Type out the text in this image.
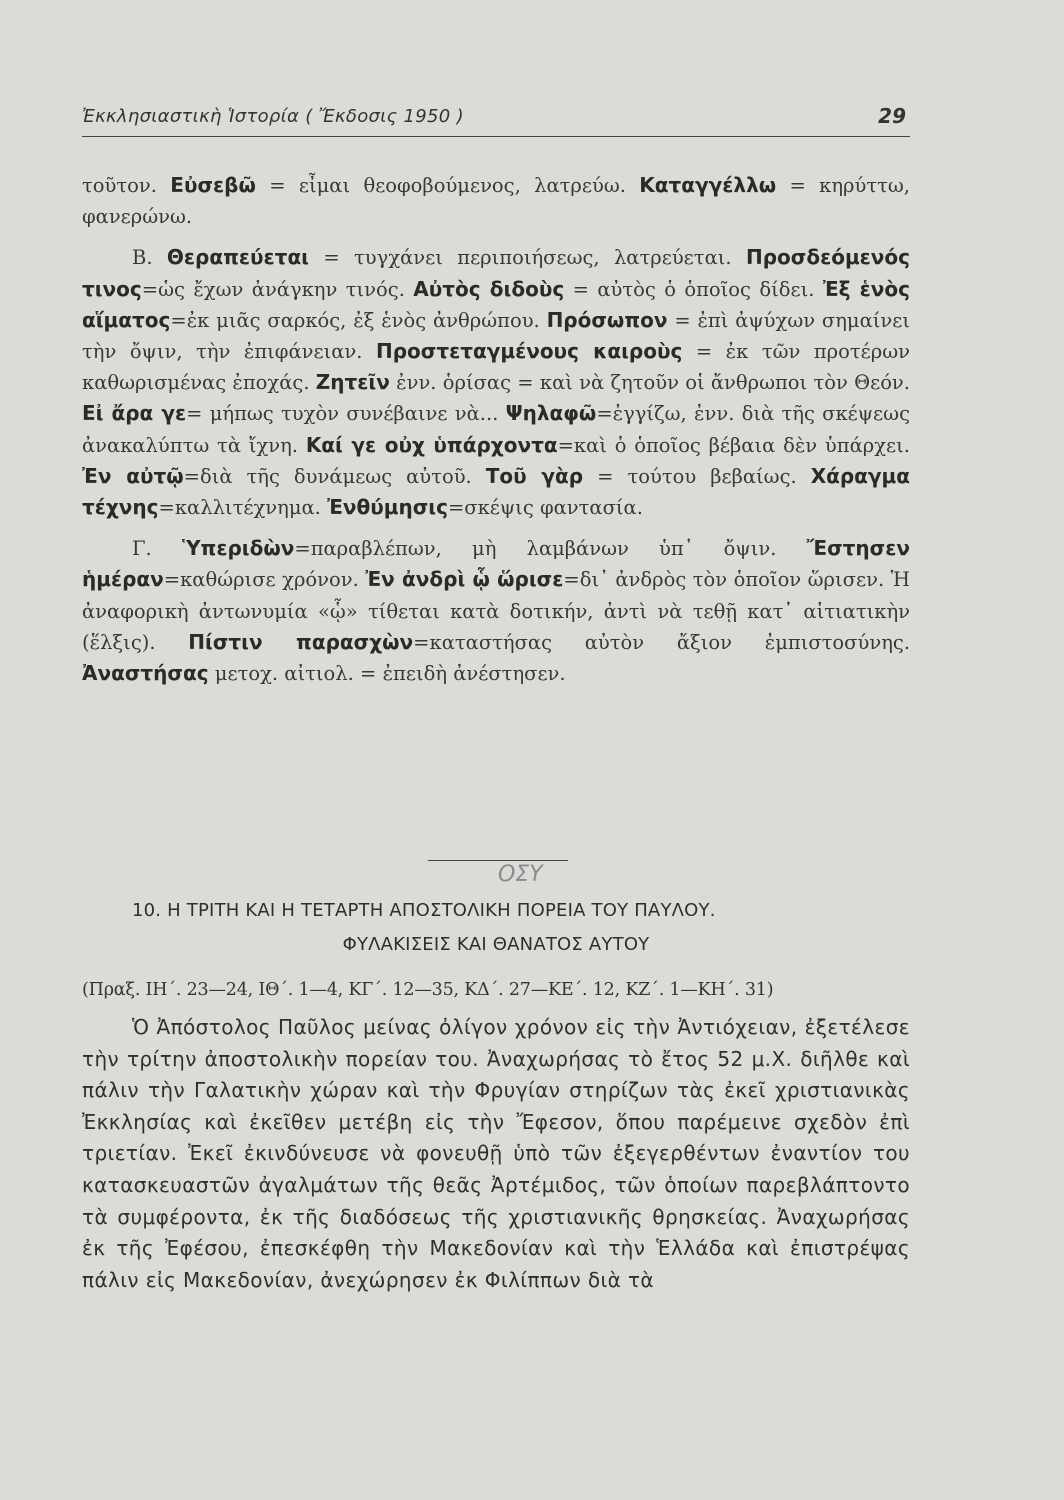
Ἐκκλησιαστικὴ Ἱστορία ( Ἔκδοσις 1950 )	29

τοῦτον. Εὐσεβῶ = εἶμαι θεοφοβούμενος, λατρεύω. Καταγγέλλω = κηρύττω, φανερώνω.

Β. Θεραπεύεται = τυγχάνει περιποιήσεως, λατρεύεται. Προσδεόμενός τινος=ὡς ἔχων ἀνάγκην τινός. Αὐτὸς διδοὺς = αὐτὸς ὁ ὁποῖος δίδει. Ἐξ ἑνὸς αἵματος=ἐκ μιᾶς σαρκός, ἐξ ἑνὸς ἀνθρώπου. Πρόσωπον = ἐπὶ ἀψύχων σημαίνει τὴν ὄψιν, τὴν ἐπιφάνειαν. Προστεταγμένους καιροὺς = ἐκ τῶν προτέρων καθωρισμένας ἐποχάς. Ζητεῖν ἐνν. ὁρίσας = καὶ νὰ ζητοῦν οἱ ἄνθρωποι τὸν Θεόν. Εἰ ἄρα γε= μήπως τυχὸν συνέβαινε νὰ... Ψηλαφῶ=ἐγγίζω, ἐνν. διὰ τῆς σκέψεως ἀνακαλύπτω τὰ ἴχνη. Καί γε οὐχ ὑπάρχοντα=καὶ ὁ ὁποῖος βέβαια δὲν ὑπάρχει. Ἐν αὐτῷ=διὰ τῆς δυνάμεως αὐτοῦ. Τοῦ γὰρ = τούτου βεβαίως. Χάραγμα τέχνης=καλλιτέχνημα. Ἐνθύμησις=σκέψις φαντασία.

Γ. Ὑπεριδὼν=παραβλέπων, μὴ λαμβάνων ὑπ᾽ ὄψιν. Ἔστησεν ἡμέραν=καθώρισε χρόνον. Ἐν ἀνδρὶ ᾧ ὥρισε=δι᾽ ἀνδρὸς τὸν ὁποῖον ὥρισεν. Ἡ ἀναφορικὴ ἀντωνυμία «ᾧ» τίθεται κατὰ δοτικήν, ἀντὶ νὰ τεθῇ κατ᾽ αἰτιατικὴν (ἕλξις). Πίστιν παρασχὼν=καταστήσας αὐτὸν ἄξιον ἐμπιστοσύνης. Ἀναστήσας μετοχ. αἰτιολ. = ἐπειδὴ ἀνέστησεν.

ΟΣΥ
10. Η ΤΡΙΤΗ ΚΑΙ Η ΤΕΤΑΡΤΗ ΑΠΟΣΤΟΛΙΚΗ ΠΟΡΕΙΑ ΤΟΥ ΠΑΥΛΟΥ.
ΦΥΛΑΚΙΣΕΙΣ ΚΑΙ ΘΑΝΑΤΟΣ ΑΥΤΟΥ
(Πραξ. ΙΗ΄. 23—24, ΙΘ΄. 1—4, ΚΓ΄. 12—35, ΚΔ΄. 27—ΚΕ΄. 12, ΚΖ΄. 1—ΚΗ΄. 31)

Ὁ Ἀπόστολος Παῦλος μείνας ὀλίγον χρόνον εἰς τὴν Ἀντιόχειαν, ἐξετέλεσε τὴν τρίτην ἀποστολικὴν πορείαν του. Ἀναχωρήσας τὸ ἔτος 52 μ.Χ. διῆλθε καὶ πάλιν τὴν Γαλατικὴν χώραν καὶ τὴν Φρυγίαν στηρίζων τὰς ἐκεῖ χριστιανικὰς Ἐκκλησίας καὶ ἐκεῖθεν μετέβη εἰς τὴν Ἔφεσον, ὅπου παρέμεινε σχεδὸν ἐπὶ τριετίαν. Ἐκεῖ ἐκινδύνευσε νὰ φονευθῇ ὑπὸ τῶν ἐξεγερθέντων ἐναντίον του κατασκευαστῶν ἀγαλμάτων τῆς θεᾶς Ἀρτέμιδος, τῶν ὁποίων παρεβλάπτοντο τὰ συμφέροντα, ἐκ τῆς διαδόσεως τῆς χριστιανικῆς θρησκείας. Ἀναχωρήσας ἐκ τῆς Ἐφέσου, ἐπεσκέφθη τὴν Μακεδονίαν καὶ τὴν Ἑλλάδα καὶ ἐπιστρέψας πάλιν εἰς Μακεδονίαν, ἀνεχώρησεν ἐκ Φιλίππων διὰ τὰ
